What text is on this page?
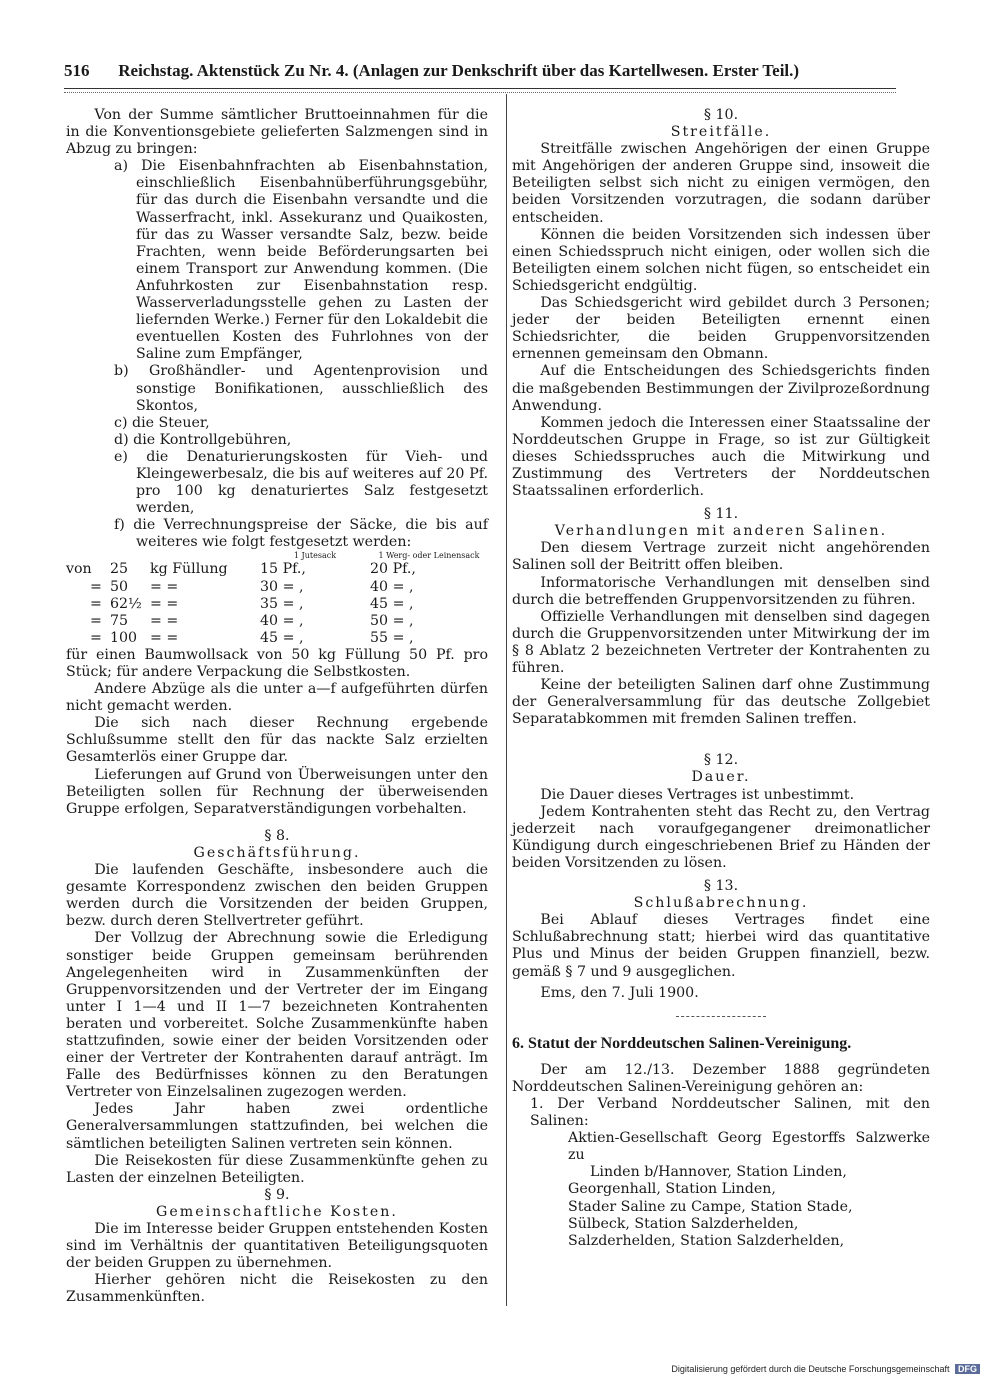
516 Reichstag. Aktenstück Zu Nr. 4. (Anlagen zur Denkschrift über das Kartellwesen. Erster Teil.)

Von der Summe sämtlicher Bruttoeinnahmen für die in die Konventionsgebiete gelieferten Salzmengen sind in Abzug zu bringen:

a) Die Eisenbahnfrachten ab Eisenbahnstation, einschließlich Eisenbahnüberführungsgebühr, für das durch die Eisenbahn versandte und die Wasserfracht, inkl. Assekuranz und Quaikosten, für das zu Wasser versandte Salz, bezw. beide Frachten, wenn beide Beförderungsarten bei einem Transport zur Anwendung kommen. (Die Anfuhrkosten zur Eisenbahnstation resp. Wasserverladungsstelle gehen zu Lasten der liefernden Werke.) Ferner für den Lokaldebit die eventuellen Kosten des Fuhrlohnes von der Saline zum Empfänger,

b) Großhändler- und Agentenprovision und sonstige Bonifikationen, ausschließlich des Skontos,

c) die Steuer,

d) die Kontrollgebühren,

e) die Denaturierungskosten für Vieh- und Kleingewerbesalz, die bis auf weiteres auf 20 Pf. pro 100 kg denaturiertes Salz festgesetzt werden,

f) die Verrechnungspreise der Säcke, die bis auf weiteres wie folgt festgesetzt werden:

			1 Jutesack	1 Werg- oder Leinensack
von	25	kg Füllung	15 Pf.,	20 Pf.,
=	50	= =	30 = ,	40 = ,
=	62½	= =	35 = ,	45 = ,
=	75	= =	40 = ,	50 = ,
=	100	= =	45 = ,	55 = ,

für einen Baumwollsack von 50 kg Füllung 50 Pf. pro Stück; für andere Verpackung die Selbstkosten.

Andere Abzüge als die unter a—f aufgeführten dürfen nicht gemacht werden.

Die sich nach dieser Rechnung ergebende Schlußsumme stellt den für das nackte Salz erzielten Gesamterlös einer Gruppe dar.

Lieferungen auf Grund von Überweisungen unter den Beteiligten sollen für Rechnung der überweisenden Gruppe erfolgen, Separatverständigungen vorbehalten.

§ 8.

Geschäftsführung.

Die laufenden Geschäfte, insbesondere auch die gesamte Korrespondenz zwischen den beiden Gruppen werden durch die Vorsitzenden der beiden Gruppen, bezw. durch deren Stellvertreter geführt.

Der Vollzug der Abrechnung sowie die Erledigung sonstiger beide Gruppen gemeinsam berührenden Angelegenheiten wird in Zusammenkünften der Gruppenvorsitzenden und der Vertreter der im Eingang unter I 1—4 und II 1—7 bezeichneten Kontrahenten beraten und vorbereitet. Solche Zusammenkünfte haben stattzufinden, sowie einer der beiden Vorsitzenden oder einer der Vertreter der Kontrahenten darauf anträgt. Im Falle des Bedürfnisses können zu den Beratungen Vertreter von Einzelsalinen zugezogen werden.

Jedes Jahr haben zwei ordentliche Generalversammlungen stattzufinden, bei welchen die sämtlichen beteiligten Salinen vertreten sein können.

Die Reisekosten für diese Zusammenkünfte gehen zu Lasten der einzelnen Beteiligten.

§ 9.

Gemeinschaftliche Kosten.

Die im Interesse beider Gruppen entstehenden Kosten sind im Verhältnis der quantitativen Beteiligungsquoten der beiden Gruppen zu übernehmen.

Hierher gehören nicht die Reisekosten zu den Zusammenkünften.

§ 10.

Streitfälle.

Streitfälle zwischen Angehörigen der einen Gruppe mit Angehörigen der anderen Gruppe sind, insoweit die Beteiligten selbst sich nicht zu einigen vermögen, den beiden Vorsitzenden vorzutragen, die sodann darüber entscheiden.

Können die beiden Vorsitzenden sich indessen über einen Schiedsspruch nicht einigen, oder wollen sich die Beteiligten einem solchen nicht fügen, so entscheidet ein Schiedsgericht endgültig.

Das Schiedsgericht wird gebildet durch 3 Personen; jeder der beiden Beteiligten ernennt einen Schiedsrichter, die beiden Gruppenvorsitzenden ernennen gemeinsam den Obmann.

Auf die Entscheidungen des Schiedsgerichts finden die maßgebenden Bestimmungen der Zivilprozeßordnung Anwendung.

Kommen jedoch die Interessen einer Staatssaline der Norddeutschen Gruppe in Frage, so ist zur Gültigkeit dieses Schiedsspruches auch die Mitwirkung und Zustimmung des Vertreters der Norddeutschen Staatssalinen erforderlich.

§ 11.

Verhandlungen mit anderen Salinen.

Den diesem Vertrage zurzeit nicht angehörenden Salinen soll der Beitritt offen bleiben.

Informatorische Verhandlungen mit denselben sind durch die betreffenden Gruppenvorsitzenden zu führen.

Offizielle Verhandlungen mit denselben sind dagegen durch die Gruppenvorsitzenden unter Mitwirkung der im § 8 Ablatz 2 bezeichneten Vertreter der Kontrahenten zu führen.

Keine der beteiligten Salinen darf ohne Zustimmung der Generalversammlung für das deutsche Zollgebiet Separatabkommen mit fremden Salinen treffen.

§ 12.

Dauer.

Die Dauer dieses Vertrages ist unbestimmt.

Jedem Kontrahenten steht das Recht zu, den Vertrag jederzeit nach voraufgegangener dreimonatlicher Kündigung durch eingeschriebenen Brief zu Händen der beiden Vorsitzenden zu lösen.

§ 13.

Schlußabrechnung.

Bei Ablauf dieses Vertrages findet eine Schlußabrechnung statt; hierbei wird das quantitative Plus und Minus der beiden Gruppen finanziell, bezw. gemäß § 7 und 9 ausgeglichen.

Ems, den 7. Juli 1900.

6. Statut der Norddeutschen Salinen-Vereinigung.

Der am 12./13. Dezember 1888 gegründeten Norddeutschen Salinen-Vereinigung gehören an:

1. Der Verband Norddeutscher Salinen, mit den Salinen:

Aktien-Gesellschaft Georg Egestorffs Salzwerke zu

Linden b/Hannover, Station Linden,

Georgenhall, Station Linden,

Stader Saline zu Campe, Station Stade,

Sülbeck, Station Salzderhelden,

Salzderhelden, Station Salzderhelden,

Digitalisierung gefördert durch die Deutsche Forschungsgemeinschaft DFG
